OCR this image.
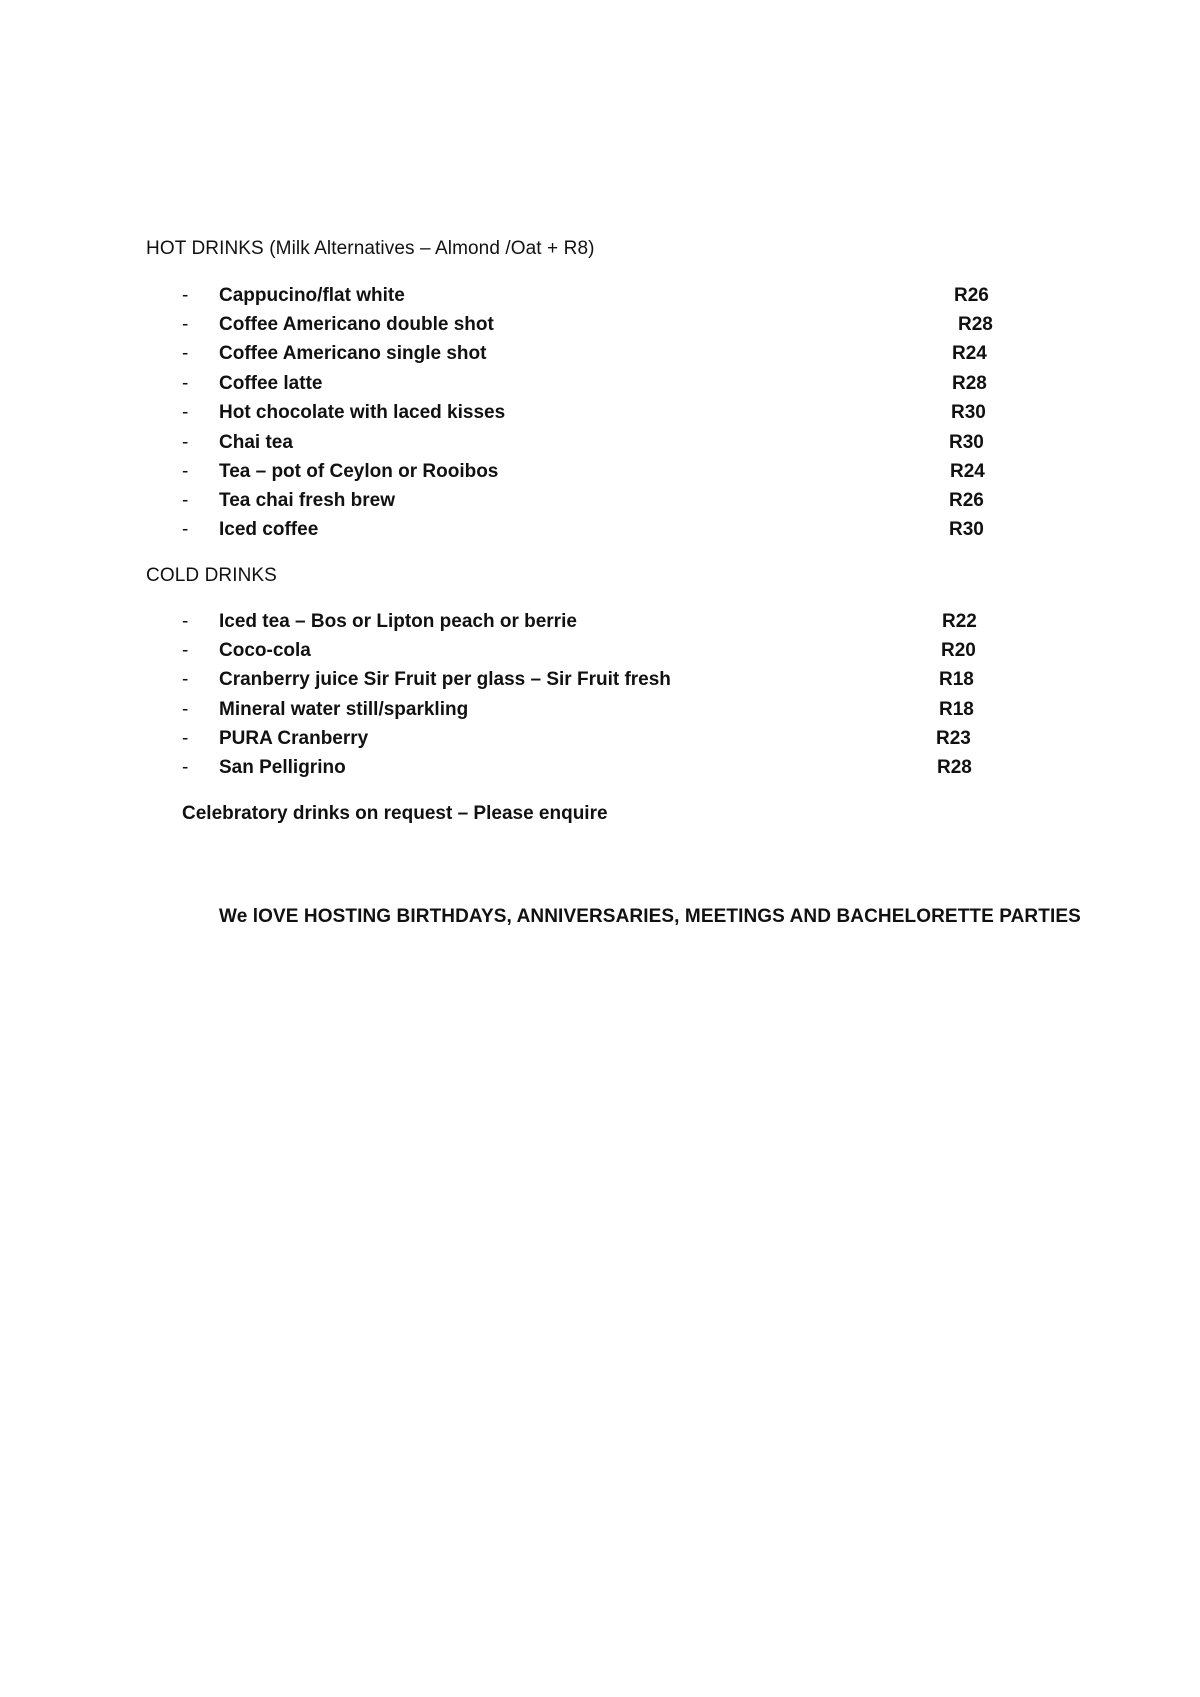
HOT DRINKS (Milk Alternatives – Almond /Oat + R8)
- Cappucino/flat white	R26
- Coffee Americano double shot	R28
- Coffee Americano single shot	R24
- Coffee latte	R28
- Hot chocolate with laced kisses	R30
- Chai tea	R30
- Tea – pot of Ceylon or Rooibos	R24
- Tea chai fresh brew	R26
- Iced coffee	R30
COLD DRINKS
- Iced tea – Bos or Lipton peach or berrie	R22
- Coco-cola	R20
- Cranberry juice Sir Fruit per glass – Sir Fruit fresh	R18
- Mineral water still/sparkling	R18
- PURA Cranberry	R23
- San Pelligrino	R28
Celebratory drinks on request – Please enquire
We lOVE HOSTING BIRTHDAYS, ANNIVERSARIES, MEETINGS AND BACHELORETTE PARTIES
